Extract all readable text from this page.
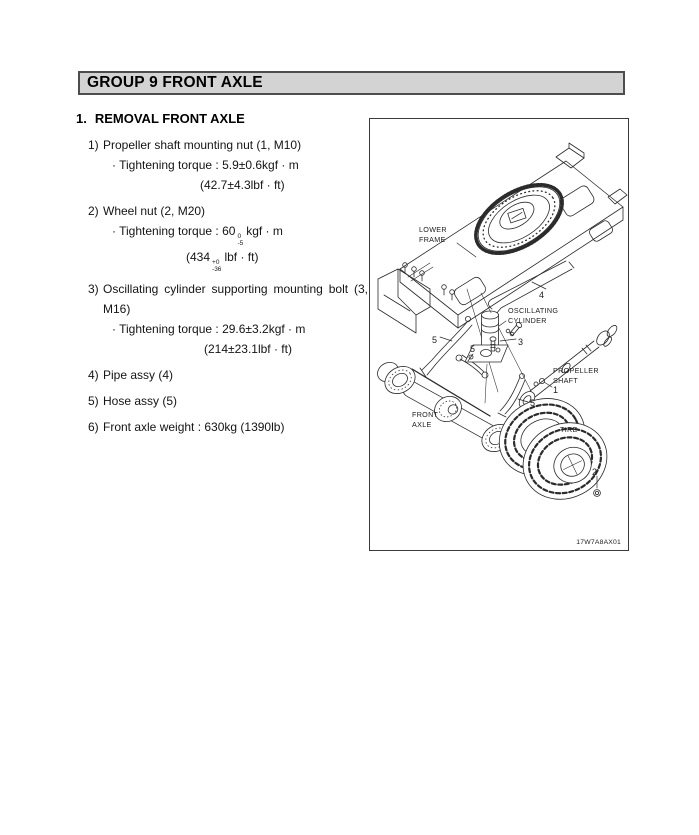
GROUP 9 FRONT AXLE
1. REMOVAL FRONT AXLE
1) Propeller shaft mounting nut (1, M10)
· Tightening torque : 5.9±0.6kgf · m
(42.7±4.3lbf · ft)
2) Wheel nut (2, M20)
· Tightening torque : 60 0
-5
kgf · m
(434 +0
-36
lbf · ft)
3) Oscillating cylinder supporting mounting bolt (3, M16)
· Tightening torque : 29.6±3.2kgf · m
(214±23.1lbf · ft)
4) Pipe assy (4)
5) Hose assy (5)
6) Front axle weight : 630kg (1390lb)
LOWER
FRAME
OSCILLATING
CYLINDER
PROPELLER
SHAFT
FRONT
AXLE
TIRE
4
3
5
5
5
1
2
17W7A8AX01
